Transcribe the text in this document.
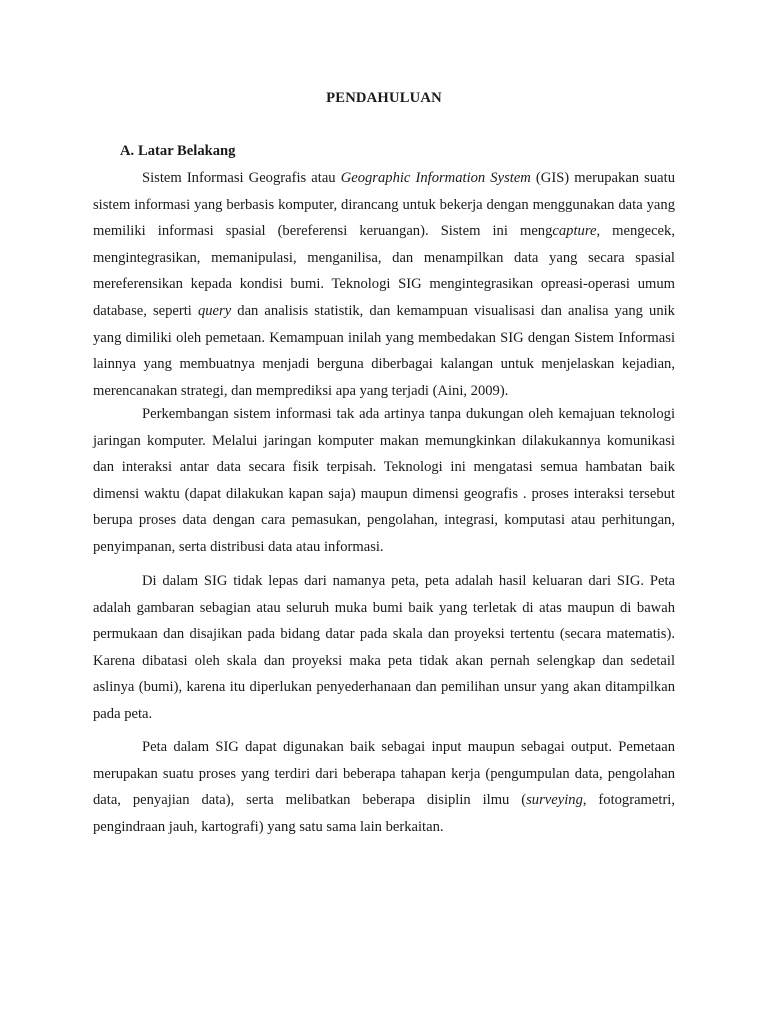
PENDAHULUAN
A. Latar Belakang

Sistem Informasi Geografis atau Geographic Information System (GIS) merupakan suatu sistem informasi yang berbasis komputer, dirancang untuk bekerja dengan menggunakan data yang memiliki informasi spasial (bereferensi keruangan). Sistem ini mengcapture, mengecek, mengintegrasikan, memanipulasi, menganilisa, dan menampilkan data yang secara spasial mereferensikan kepada kondisi bumi. Teknologi SIG mengintegrasikan opreasi-operasi umum database, seperti query dan analisis statistik, dan kemampuan visualisasi dan analisa yang unik yang dimiliki oleh pemetaan. Kemampuan inilah yang membedakan SIG dengan Sistem Informasi lainnya yang membuatnya menjadi berguna diberbagai kalangan untuk menjelaskan kejadian, merencanakan strategi, dan memprediksi apa yang terjadi (Aini, 2009).

Perkembangan sistem informasi tak ada artinya tanpa dukungan oleh kemajuan teknologi jaringan komputer. Melalui jaringan komputer makan memungkinkan dilakukannya komunikasi dan interaksi antar data secara fisik terpisah. Teknologi ini mengatasi semua hambatan baik dimensi waktu (dapat dilakukan kapan saja) maupun dimensi geografis . proses interaksi tersebut berupa proses data dengan cara pemasukan, pengolahan, integrasi, komputasi atau perhitungan, penyimpanan, serta distribusi data atau informasi.

Di dalam SIG tidak lepas dari namanya peta, peta adalah hasil keluaran dari SIG. Peta adalah gambaran sebagian atau seluruh muka bumi baik yang terletak di atas maupun di bawah permukaan dan disajikan pada bidang datar pada skala dan proyeksi tertentu (secara matematis). Karena dibatasi oleh skala dan proyeksi maka peta tidak akan pernah selengkap dan sedetail aslinya (bumi), karena itu diperlukan penyederhanaan dan pemilihan unsur yang akan ditampilkan pada peta.

Peta dalam SIG dapat digunakan baik sebagai input maupun sebagai output. Pemetaan merupakan suatu proses yang terdiri dari beberapa tahapan kerja (pengumpulan data, pengolahan data, penyajian data), serta melibatkan beberapa disiplin ilmu (surveying, fotogrametri, pengindraan jauh, kartografi) yang satu sama lain berkaitan.
